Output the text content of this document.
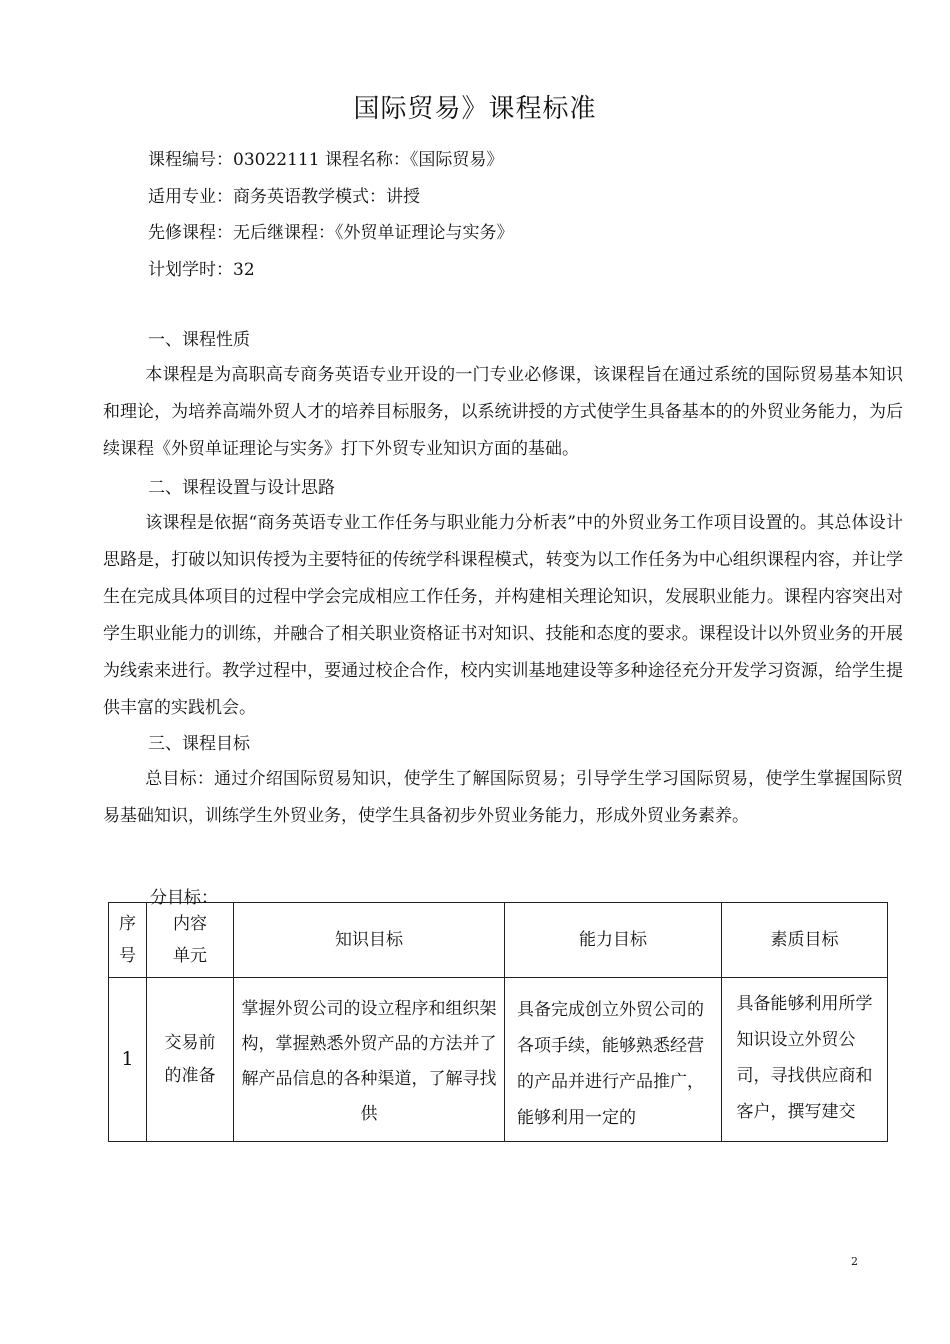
国际贸易》课程标准
课程编号：03022111 课程名称：《国际贸易》
适用专业：商务英语教学模式：讲授
先修课程：无后继课程：《外贸单证理论与实务》
计划学时：32
一、课程性质
本课程是为高职高专商务英语专业开设的一门专业必修课，该课程旨在通过系统的国际贸易基本知识和理论，为培养高端外贸人才的培养目标服务，以系统讲授的方式使学生具备基本的的外贸业务能力，为后续课程《外贸单证理论与实务》打下外贸专业知识方面的基础。
二、课程设置与设计思路
该课程是依据“商务英语专业工作任务与职业能力分析表”中的外贸业务工作项目设置的。其总体设计思路是，打破以知识传授为主要特征的传统学科课程模式，转变为以工作任务为中心组织课程内容，并让学生在完成具体项目的过程中学会完成相应工作任务，并构建相关理论知识，发展职业能力。课程内容突出对学生职业能力的训练，并融合了相关职业资格证书对知识、技能和态度的要求。课程设计以外贸业务的开展为线索来进行。教学过程中，要通过校企合作，校内实训基地建设等多种途径充分开发学习资源，给学生提供丰富的实践机会。
三、课程目标
总目标：通过介绍国际贸易知识，使学生了解国际贸易；引导学生学习国际贸易，使学生掌握国际贸易基础知识，训练学生外贸业务，使学生具备初步外贸业务能力，形成外贸业务素养。
分目标：
序号	内容单元	知识目标	能力目标	素质目标
1	交易前的准备	掌握外贸公司的设立程序和组织架构，掌握熟悉外贸产品的方法并了解产品信息的各种渠道，了解寻找供	具备完成创立外贸公司的各项手续，能够熟悉经营的产品并进行产品推广，能够利用一定的	具备能够利用所学知识设立外贸公司，寻找供应商和客户，撰写建交
2
